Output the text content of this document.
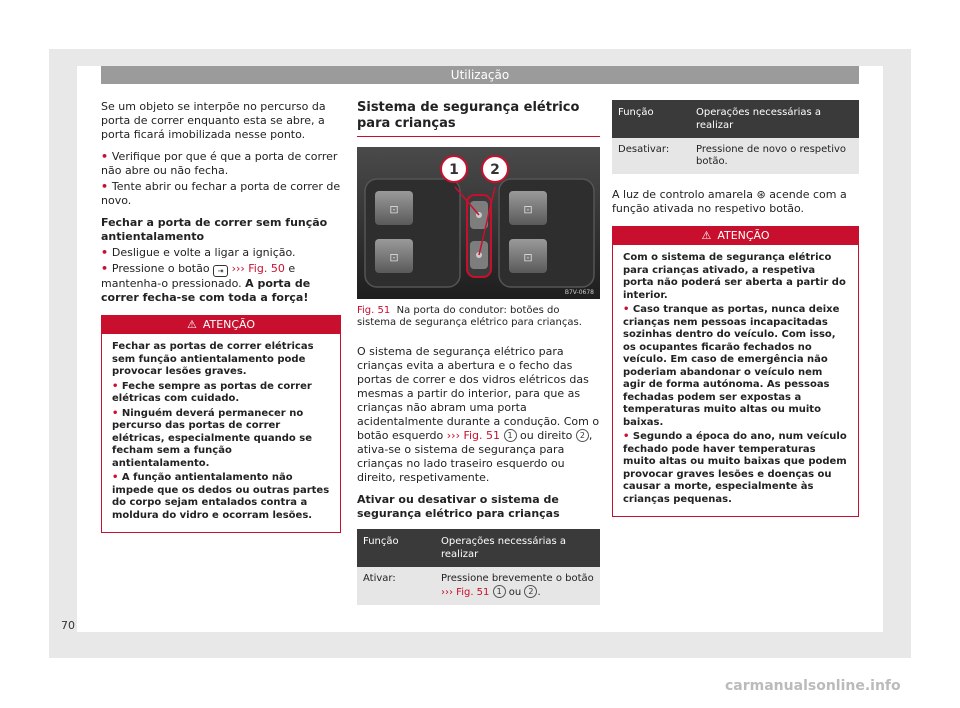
Utilização

Se um objeto se interpõe no percurso da porta de correr enquanto esta se abre, a porta ficará imobilizada nesse ponto.

• Verifique por que é que a porta de correr não abre ou não fecha.
• Tente abrir ou fechar a porta de correr de novo.
Fechar a porta de correr sem função antientalamento
• Desligue e volte a ligar a ignição.
• Pressione o botão ⇥ ››› Fig. 50 e mantenha-o pressionado. A porta de correr fecha-se com toda a força!
⚠ ATENÇÃO
Fechar as portas de correr elétricas sem função antientalamento pode provocar lesões graves.
• Feche sempre as portas de correr elétricas com cuidado.
• Ninguém deverá permanecer no percurso das portas de correr elétricas, especialmente quando se fecham sem a função antientalamento.
• A função antientalamento não impede que os dedos ou outras partes do corpo sejam entalados contra a moldura do vidro e ocorram lesões.
Sistema de segurança elétrico para crianças
⊡
⊡
⊡
⊡
1 2
B7V-0678
Fig. 51 Na porta do condutor: botões do sistema de segurança elétrico para crianças.

O sistema de segurança elétrico para crianças evita a abertura e o fecho das portas de correr e dos vidros elétricos das mesmas a partir do interior, para que as crianças não abram uma porta acidentalmente durante a condução. Com o botão esquerdo ››› Fig. 51 1 ou direito 2 , ativa-se o sistema de segurança para crianças no lado traseiro esquerdo ou direito, respetivamente.

Ativar ou desativar o sistema de segurança elétrico para crianças
Função	Operações necessárias a realizar
Ativar:	Pressione brevemente o botão
››› Fig. 51 1 ou 2 .
Função	Operações necessárias a realizar
Desativar:	Pressione de novo o respetivo botão.

A luz de controlo amarela ⊛ acende com a função ativada no respetivo botão.

⚠ ATENÇÃO
Com o sistema de segurança elétrico para crianças ativado, a respetiva porta não poderá ser aberta a partir do interior.
• Caso tranque as portas, nunca deixe crianças nem pessoas incapacitadas sozinhas dentro do veículo. Com isso, os ocupantes ficarão fechados no veículo. Em caso de emergência não poderiam abandonar o veículo nem agir de forma autónoma. As pessoas fechadas podem ser expostas a temperaturas muito altas ou muito baixas.
• Segundo a época do ano, num veículo fechado pode haver temperaturas muito altas ou muito baixas que podem provocar graves lesões e doenças ou causar a morte, especialmente às crianças pequenas.
70
carmanualsonline.info
